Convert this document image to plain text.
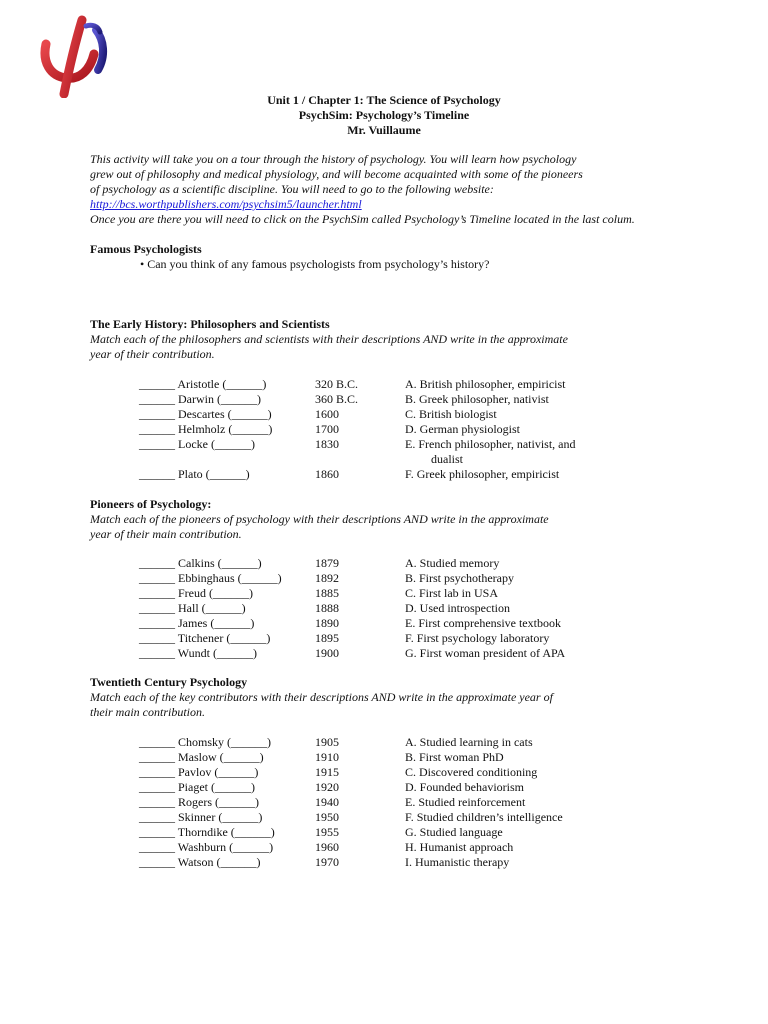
Unit 1 / Chapter 1: The Science of Psychology
PsychSim: Psychology’s Timeline
Mr. Vuillaume
This activity will take you on a tour through the history of psychology. You will learn how psychology
grew out of philosophy and medical physiology, and will become acquainted with some of the pioneers
of psychology as a scientific discipline. You will need to go to the following website:
http://bcs.worthpublishers.com/psychsim5/launcher.html
Once you are there you will need to click on the PsychSim called Psychology’s Timeline located in the last colum.
Famous Psychologists
• Can you think of any famous psychologists from psychology’s history?
The Early History: Philosophers and Scientists
Match each of the philosophers and scientists with their descriptions AND write in the approximate
year of their contribution.
______ Aristotle (______)	320 B.C.	A. British philosopher, empiricist
______ Darwin (______)	360 B.C.	B. Greek philosopher, nativist
______ Descartes (______)	1600	C. British biologist
______ Helmholz (______)	1700	D. German physiologist
______ Locke (______)	1830	E. French philosopher, nativist, and
dualist
______ Plato (______)	1860	F. Greek philosopher, empiricist
Pioneers of Psychology:
Match each of the pioneers of psychology with their descriptions AND write in the approximate
year of their main contribution.
______ Calkins (______)	1879	A. Studied memory
______ Ebbinghaus (______)	1892	B. First psychotherapy
______ Freud (______)	1885	C. First lab in USA
______ Hall (______)	1888	D. Used introspection
______ James (______)	1890	E. First comprehensive textbook
______ Titchener (______)	1895	F. First psychology laboratory
______ Wundt (______)	1900	G. First woman president of APA
Twentieth Century Psychology
Match each of the key contributors with their descriptions AND write in the approximate year of
their main contribution.
______ Chomsky (______)	1905	A. Studied learning in cats
______ Maslow (______)	1910	B. First woman PhD
______ Pavlov (______)	1915	C. Discovered conditioning
______ Piaget (______)	1920	D. Founded behaviorism
______ Rogers (______)	1940	E. Studied reinforcement
______ Skinner (______)	1950	F. Studied children’s intelligence
______ Thorndike (______)	1955	G. Studied language
______ Washburn (______)	1960	H. Humanist approach
______ Watson (______)	1970	I. Humanistic therapy
